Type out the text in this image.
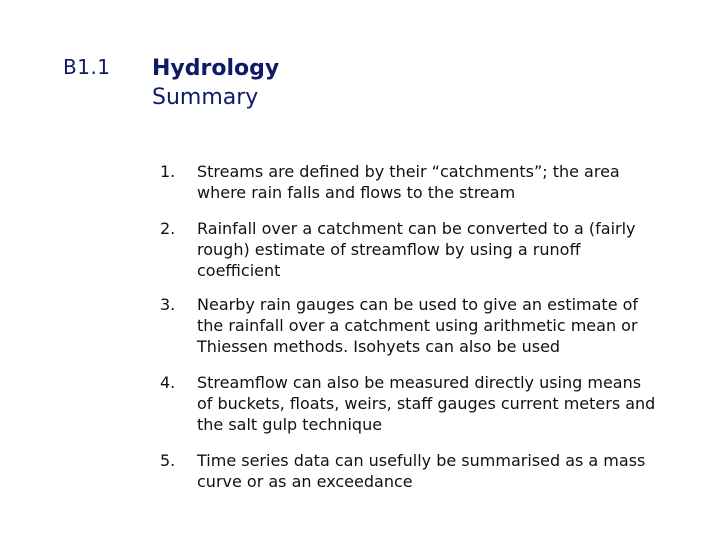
B1.1 Hydrology
Summary
1.	Streams are defined by their “catchments”; the area where rain falls and flows to the stream
2.	Rainfall over a catchment can be converted to a (fairly rough) estimate of streamflow by using a runoff coefficient
3.	Nearby rain gauges can be used to give an estimate of the rainfall over a catchment using arithmetic mean or Thiessen methods. Isohyets can also be used
4.	Streamflow can also be measured directly using means of buckets, floats, weirs, staff gauges current meters and the salt gulp technique
5.	Time series data can usefully be summarised as a mass curve or as an exceedance
